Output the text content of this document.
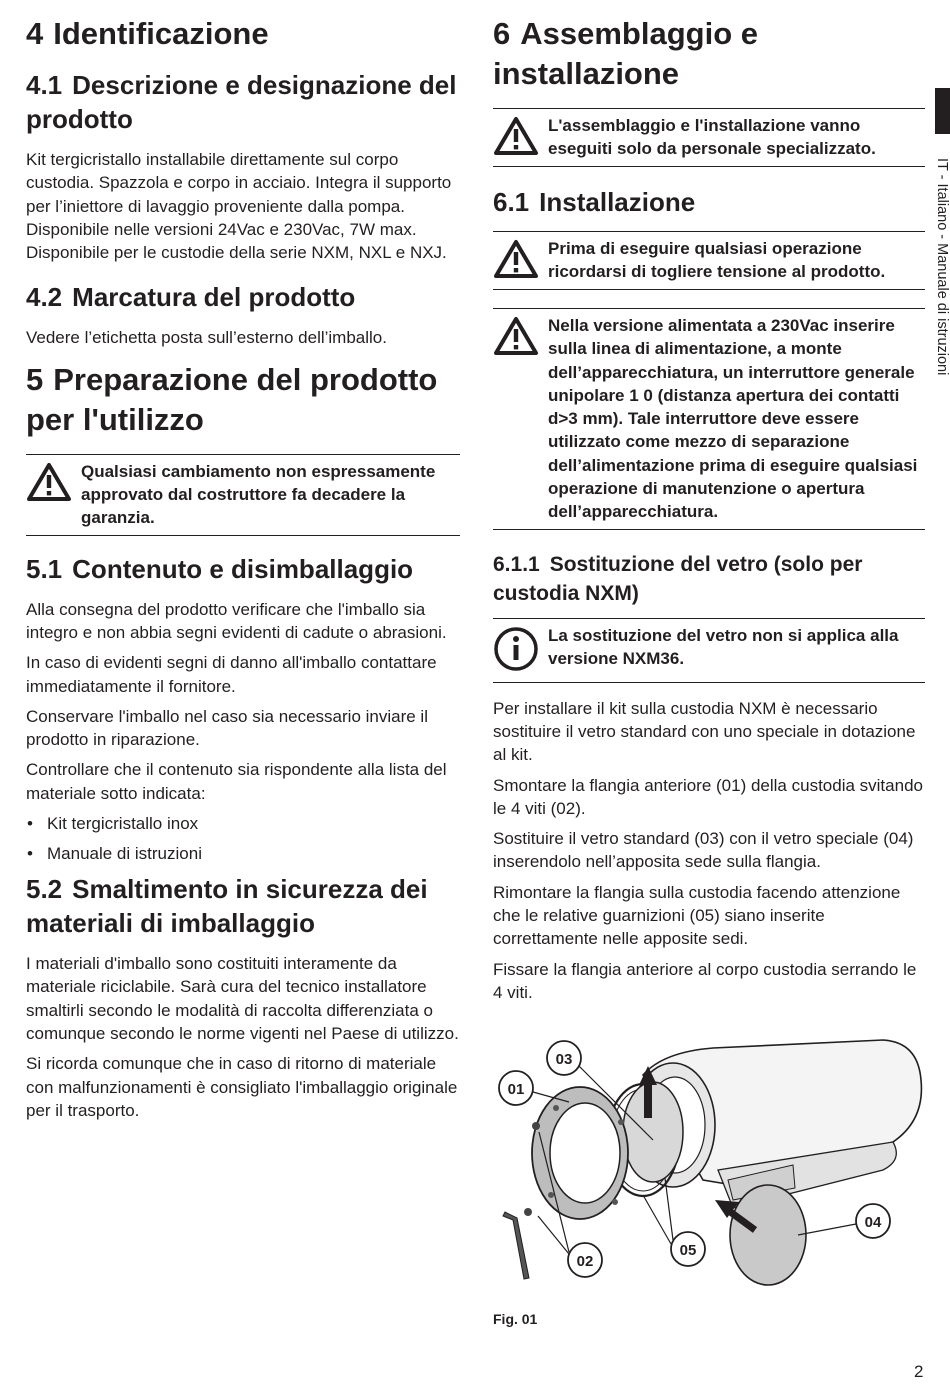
4 Identificazione
4.1 Descrizione e designazione del prodotto

Kit tergicristallo installabile direttamente sul corpo custodia. Spazzola e corpo in acciaio. Integra il supporto per l’iniettore di lavaggio proveniente dalla pompa. Disponibile nelle versioni 24Vac e 230Vac, 7W max. Disponibile per le custodie della serie NXM, NXL e NXJ.

4.2 Marcatura del prodotto

Vedere l’etichetta posta sull’esterno dell’imballo.

5 Preparazione del prodotto per l'utilizzo
Qualsiasi cambiamento non espressamente approvato dal costruttore fa decadere la garanzia.
5.1 Contenuto e disimballaggio

Alla consegna del prodotto verificare che l'imballo sia integro e non abbia segni evidenti di cadute o abrasioni.

In caso di evidenti segni di danno all'imballo contattare immediatamente il fornitore.

Conservare l'imballo nel caso sia necessario inviare il prodotto in riparazione.

Controllare che il contenuto sia rispondente alla lista del materiale sotto indicata:

• Kit tergicristallo inox
• Manuale di istruzioni
5.2 Smaltimento in sicurezza dei materiali di imballaggio

I materiali d'imballo sono costituiti interamente da materiale riciclabile. Sarà cura del tecnico installatore smaltirli secondo le modalità di raccolta differenziata o comunque secondo le norme vigenti nel Paese di utilizzo.

Si ricorda comunque che in caso di ritorno di materiale con malfunzionamenti è consigliato l'imballaggio originale per il trasporto.

6 Assemblaggio e installazione
L'assemblaggio e l'installazione vanno eseguiti solo da personale specializzato.
6.1 Installazione
Prima di eseguire qualsiasi operazione ricordarsi di togliere tensione al prodotto.
Nella versione alimentata a 230Vac inserire sulla linea di alimentazione, a monte dell’apparecchiatura, un interruttore generale unipolare 1 0 (distanza apertura dei contatti d>3 mm). Tale interruttore deve essere utilizzato come mezzo di separazione dell’alimentazione prima di eseguire qualsiasi operazione di manutenzione o apertura dell’apparecchiatura.
6.1.1 Sostituzione del vetro (solo per custodia NXM)
La sostituzione del vetro non si applica alla versione NXM36.

Per installare il kit sulla custodia NXM è necessario sostituire il vetro standard con uno speciale in dotazione al kit.

Smontare la flangia anteriore (01) della custodia svitando le 4 viti (02).

Sostituire il vetro standard (03) con il vetro speciale (04) inserendolo nell’apposita sede sulla flangia.

Rimontare la flangia sulla custodia facendo attenzione che le relative guarnizioni (05) siano inserite correttamente nelle apposite sedi.

Fissare la flangia anteriore al corpo custodia serrando le 4 viti.

03
01
02
05
04
Fig. 01
IT - Italiano - Manuale di istruzioni
2
